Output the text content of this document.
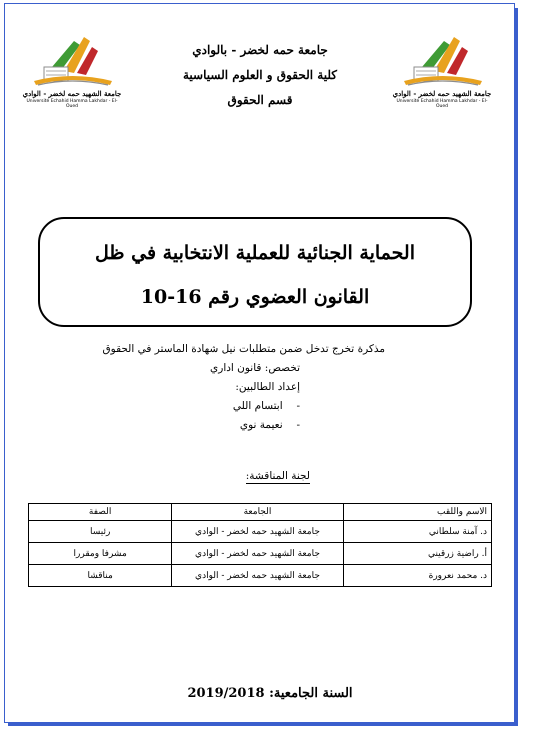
جامعة الشهيد حمه لخضر - الوادي
Université Echahid Hamma Lakhdar - El-Oued
جامعة الشهيد حمه لخضر - الوادي
Université Echahid Hamma Lakhdar - El-Oued
جامعة حمه لخضر - بالوادي
كلية الحقوق و العلوم السياسية
قسم الحقوق
الحماية الجنائية للعملية الانتخابية في ظل
القانون العضوي رقم 16-10
مذكرة تخرج تدخل ضمن متطلبات نيل شهادة الماستر في الحقوق
تخصص: قانون اداري
إعداد الطالبين:
- ابتسام اللي
- نعيمة نوي
لجنة المناقشة:
الاسم واللقب	الجامعة	الصفة
د. آمنة سلطاني	جامعة الشهيد حمه لخضر - الوادي	رئيسا
أ. راضية زرقيني	جامعة الشهيد حمه لخضر - الوادي	مشرفا ومقررا
د. محمد نعرورة	جامعة الشهيد حمه لخضر - الوادي	مناقشا
السنة الجامعية: 2019/2018
